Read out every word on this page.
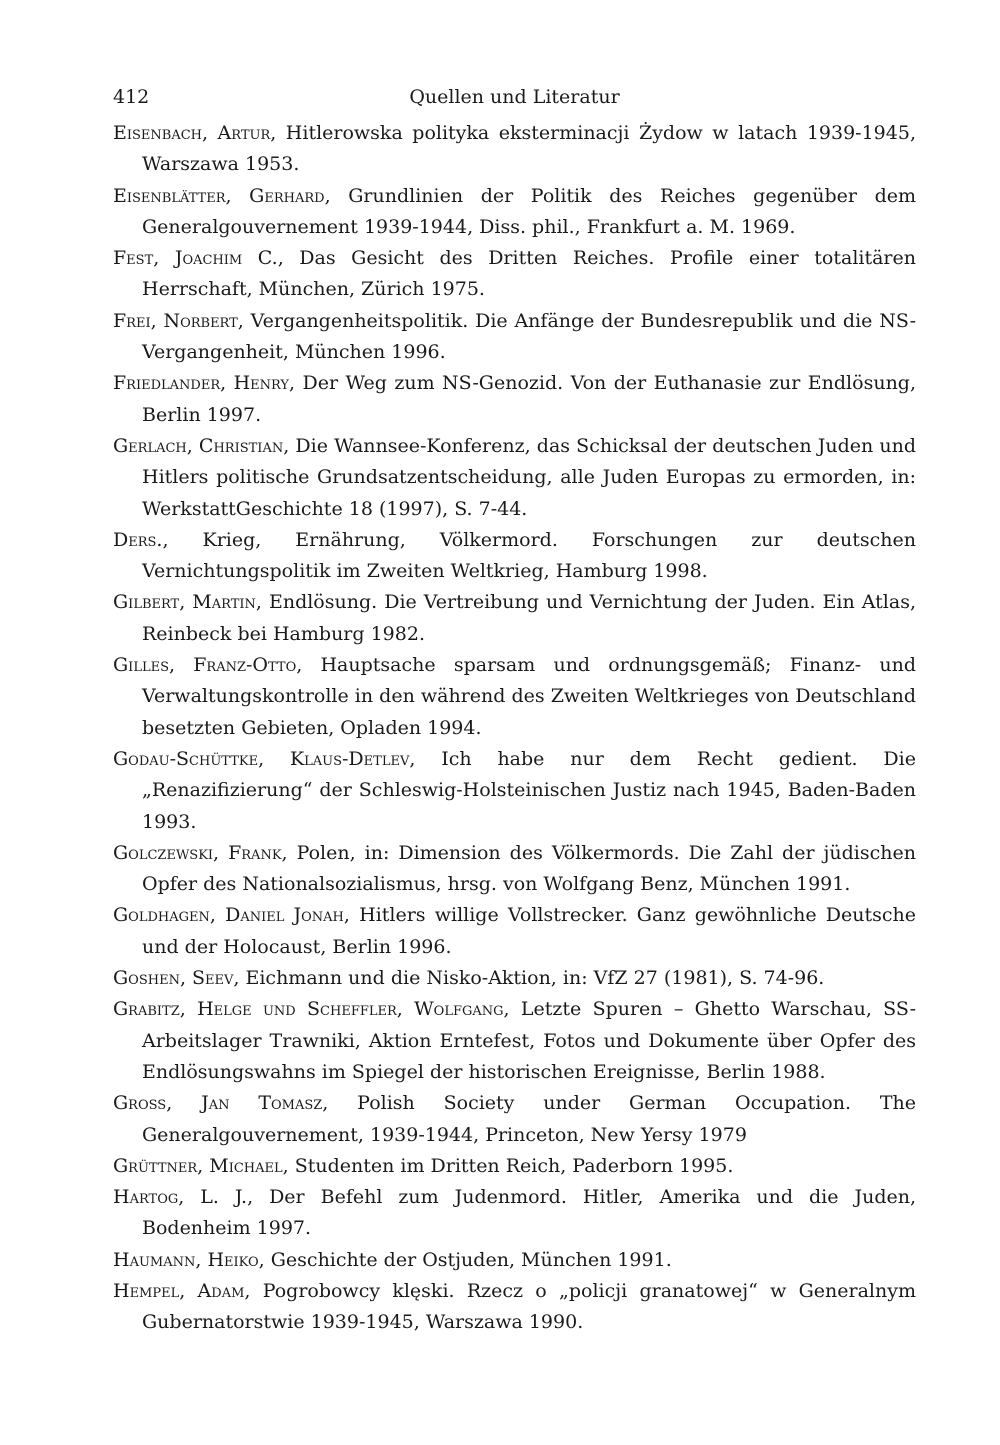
412	Quellen und Literatur
Eisenbach, Artur, Hitlerowska polityka eksterminacji Żydow w latach 1939-1945, Warszawa 1953.
Eisenblätter, Gerhard, Grundlinien der Politik des Reiches gegenüber dem Generalgouvernement 1939-1944, Diss. phil., Frankfurt a. M. 1969.
Fest, Joachim C., Das Gesicht des Dritten Reiches. Profile einer totalitären Herrschaft, München, Zürich 1975.
Frei, Norbert, Vergangenheitspolitik. Die Anfänge der Bundesrepublik und die NS-Vergangenheit, München 1996.
Friedlander, Henry, Der Weg zum NS-Genozid. Von der Euthanasie zur Endlösung, Berlin 1997.
Gerlach, Christian, Die Wannsee-Konferenz, das Schicksal der deutschen Juden und Hitlers politische Grundsatzentscheidung, alle Juden Europas zu ermorden, in: WerkstattGeschichte 18 (1997), S. 7-44.
Ders., Krieg, Ernährung, Völkermord. Forschungen zur deutschen Vernichtungspolitik im Zweiten Weltkrieg, Hamburg 1998.
Gilbert, Martin, Endlösung. Die Vertreibung und Vernichtung der Juden. Ein Atlas, Reinbeck bei Hamburg 1982.
Gilles, Franz-Otto, Hauptsache sparsam und ordnungsgemäß; Finanz- und Verwaltungskontrolle in den während des Zweiten Weltkrieges von Deutschland besetzten Gebieten, Opladen 1994.
Godau-Schüttke, Klaus-Detlev, Ich habe nur dem Recht gedient. Die „Renazifizierung“ der Schleswig-Holsteinischen Justiz nach 1945, Baden-Baden 1993.
Golczewski, Frank, Polen, in: Dimension des Völkermords. Die Zahl der jüdischen Opfer des Nationalsozialismus, hrsg. von Wolfgang Benz, München 1991.
Goldhagen, Daniel Jonah, Hitlers willige Vollstrecker. Ganz gewöhnliche Deutsche und der Holocaust, Berlin 1996.
Goshen, Seev, Eichmann und die Nisko-Aktion, in: VfZ 27 (1981), S. 74-96.
Grabitz, Helge und Scheffler, Wolfgang, Letzte Spuren – Ghetto Warschau, SS-Arbeitslager Trawniki, Aktion Erntefest, Fotos und Dokumente über Opfer des Endlösungswahns im Spiegel der historischen Ereignisse, Berlin 1988.
Gross, Jan Tomasz, Polish Society under German Occupation. The Generalgouvernement, 1939-1944, Princeton, New Yersy 1979
Grüttner, Michael, Studenten im Dritten Reich, Paderborn 1995.
Hartog, L. J., Der Befehl zum Judenmord. Hitler, Amerika und die Juden, Bodenheim 1997.
Haumann, Heiko, Geschichte der Ostjuden, München 1991.
Hempel, Adam, Pogrobowcy klęski. Rzecz o „policji granatowej“ w Generalnym Gubernatorstwie 1939-1945, Warszawa 1990.
